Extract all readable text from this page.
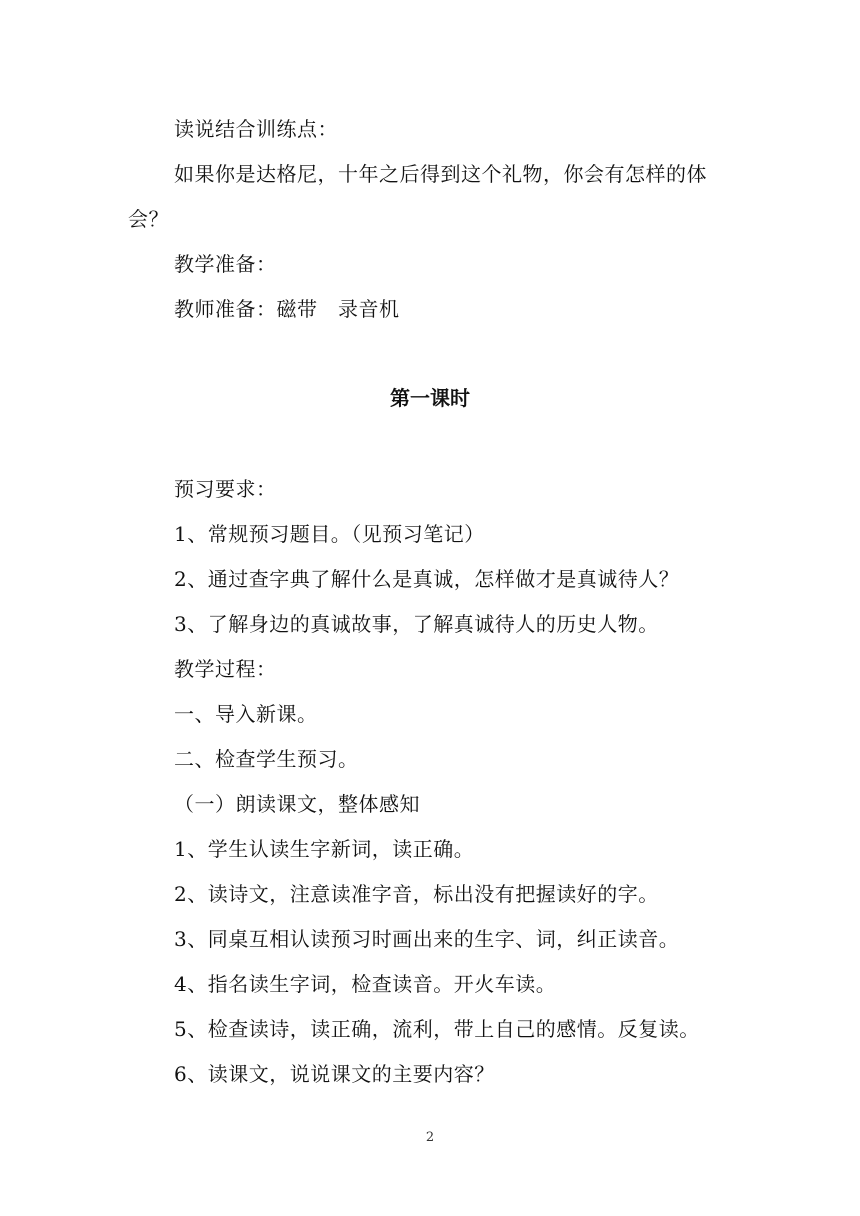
读说结合训练点：
如果你是达格尼，十年之后得到这个礼物，你会有怎样的体
会？
教学准备：
教师准备：磁带　录音机
第一课时
预习要求：
1、常规预习题目。（见预习笔记）
2、通过查字典了解什么是真诚，怎样做才是真诚待人？
3、了解身边的真诚故事，了解真诚待人的历史人物。
教学过程：
一、导入新课。
二、检查学生预习。
（一）朗读课文，整体感知
1、学生认读生字新词，读正确。
2、读诗文，注意读准字音，标出没有把握读好的字。
3、同桌互相认读预习时画出来的生字、词，纠正读音。
4、指名读生字词，检查读音。开火车读。
5、检查读诗，读正确，流利，带上自己的感情。反复读。
6、读课文，说说课文的主要内容？
2
